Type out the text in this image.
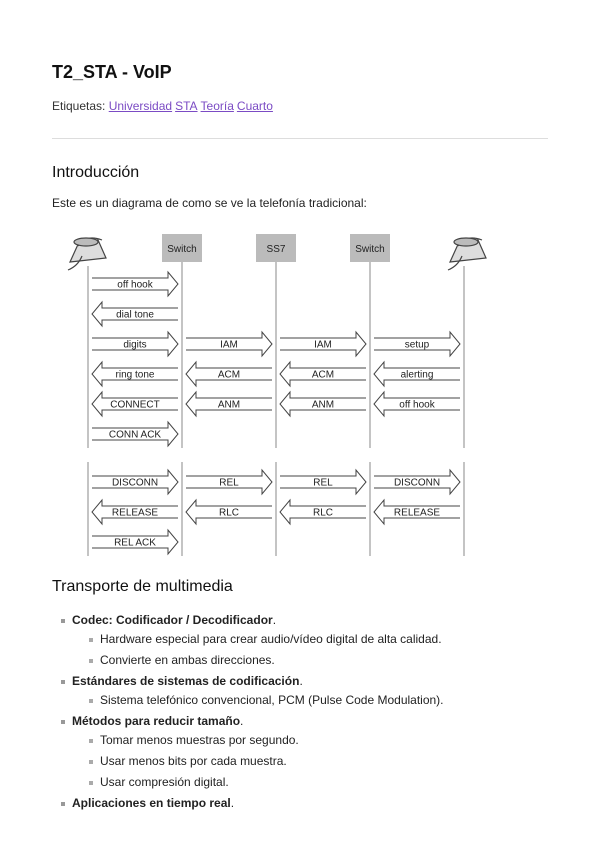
T2_STA - VoIP
Etiquetas: Universidad STA Teoría Cuarto
Introducción
Este es un diagrama de como se ve la telefonía tradicional:
Switch	SS7	Switch
off hook
dial tone
digits	IAM	IAM	setup
ring tone	ACM	ACM	alerting
CONNECT	ANM	ANM	off hook
CONN ACK
DISCONN	REL	REL	DISCONN
RELEASE	RLC	RLC	RELEASE
REL ACK
Transporte de multimedia
Codec: Codificador / Decodificador.
Hardware especial para crear audio/vídeo digital de alta calidad.
Convierte en ambas direcciones.
Estándares de sistemas de codificación.
Sistema telefónico convencional, PCM (Pulse Code Modulation).
Métodos para reducir tamaño.
Tomar menos muestras por segundo.
Usar menos bits por cada muestra.
Usar compresión digital.
Aplicaciones en tiempo real.
